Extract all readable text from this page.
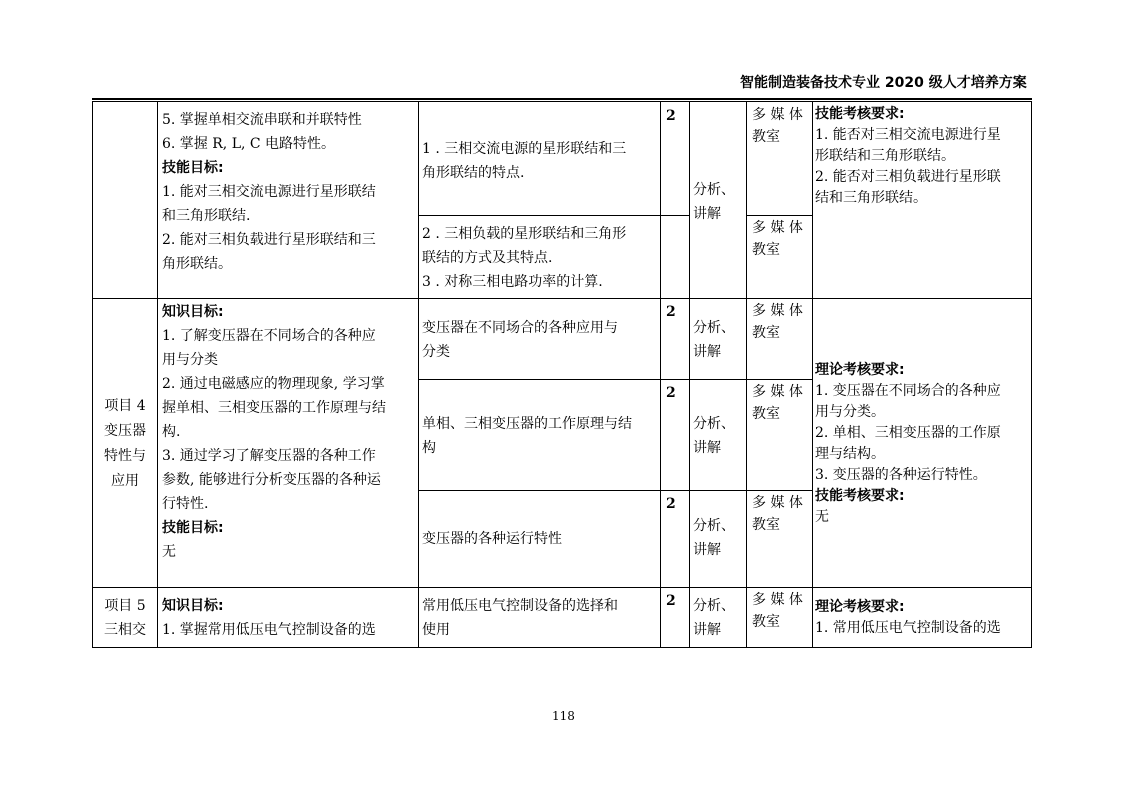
智能制造装备技术专业 2020 级人才培养方案
5. 掌握单相交流串联和并联特性
6. 掌握 R, L, C 电路特性。
技能目标:
1. 能对三相交流电源进行星形联结
和三角形联结.
2. 能对三相负载进行星形联结和三
角形联结。
1 . 三相交流电源的星形联结和三
角形联结的特点.
2 . 三相负载的星形联结和三角形
联结的方式及其特点.
3 . 对称三相电路功率的计算.
2
分析、
讲解
多 媒 体
教室
多 媒 体
教室
技能考核要求:
1. 能否对三相交流电源进行星
形联结和三角形联结。
2. 能否对三相负载进行星形联
结和三角形联结。
项目 4
变压器
特性与
应用
知识目标:
1. 了解变压器在不同场合的各种应
用与分类
2. 通过电磁感应的物理现象, 学习掌
握单相、三相变压器的工作原理与结
构.
3. 通过学习了解变压器的各种工作
参数, 能够进行分析变压器的各种运
行特性.
技能目标:
无
变压器在不同场合的各种应用与
分类
单相、三相变压器的工作原理与结
构
变压器的各种运行特性
2
2
2
分析、
讲解
分析、
讲解
分析、
讲解
多 媒 体
教室
多 媒 体
教室
多 媒 体
教室
理论考核要求:
1. 变压器在不同场合的各种应
用与分类。
2. 单相、三相变压器的工作原
理与结构。
3. 变压器的各种运行特性。
技能考核要求:
无
项目 5
三相交
知识目标:
1. 掌握常用低压电气控制设备的选
常用低压电气控制设备的选择和
使用
2 分析、
讲解
多 媒 体
教室
理论考核要求:
1. 常用低压电气控制设备的选
118
